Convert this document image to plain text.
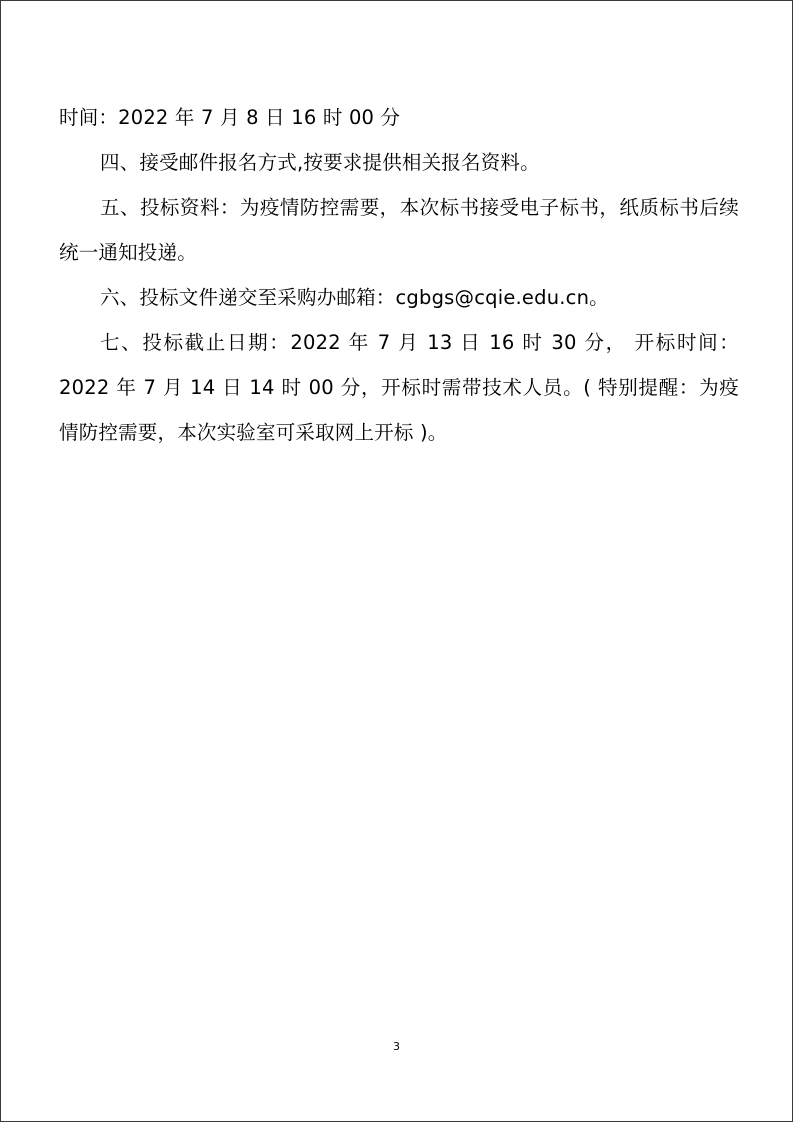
时间：2022 年 7 月 8 日 16 时 00 分

四、接受邮件报名方式,按要求提供相关报名资料。

五、投标资料：为疫情防控需要，本次标书接受电子标书，纸质标书后续统一通知投递。

六、投标文件递交至采购办邮箱：cgbgs@cqie.edu.cn。

七、投标截止日期：2022 年 7 月 13 日 16 时 30 分， 开标时间：2022 年 7 月 14 日 14 时 00 分，开标时需带技术人员。( 特别提醒：为疫情防控需要，本次实验室可采取网上开标 )。

3
